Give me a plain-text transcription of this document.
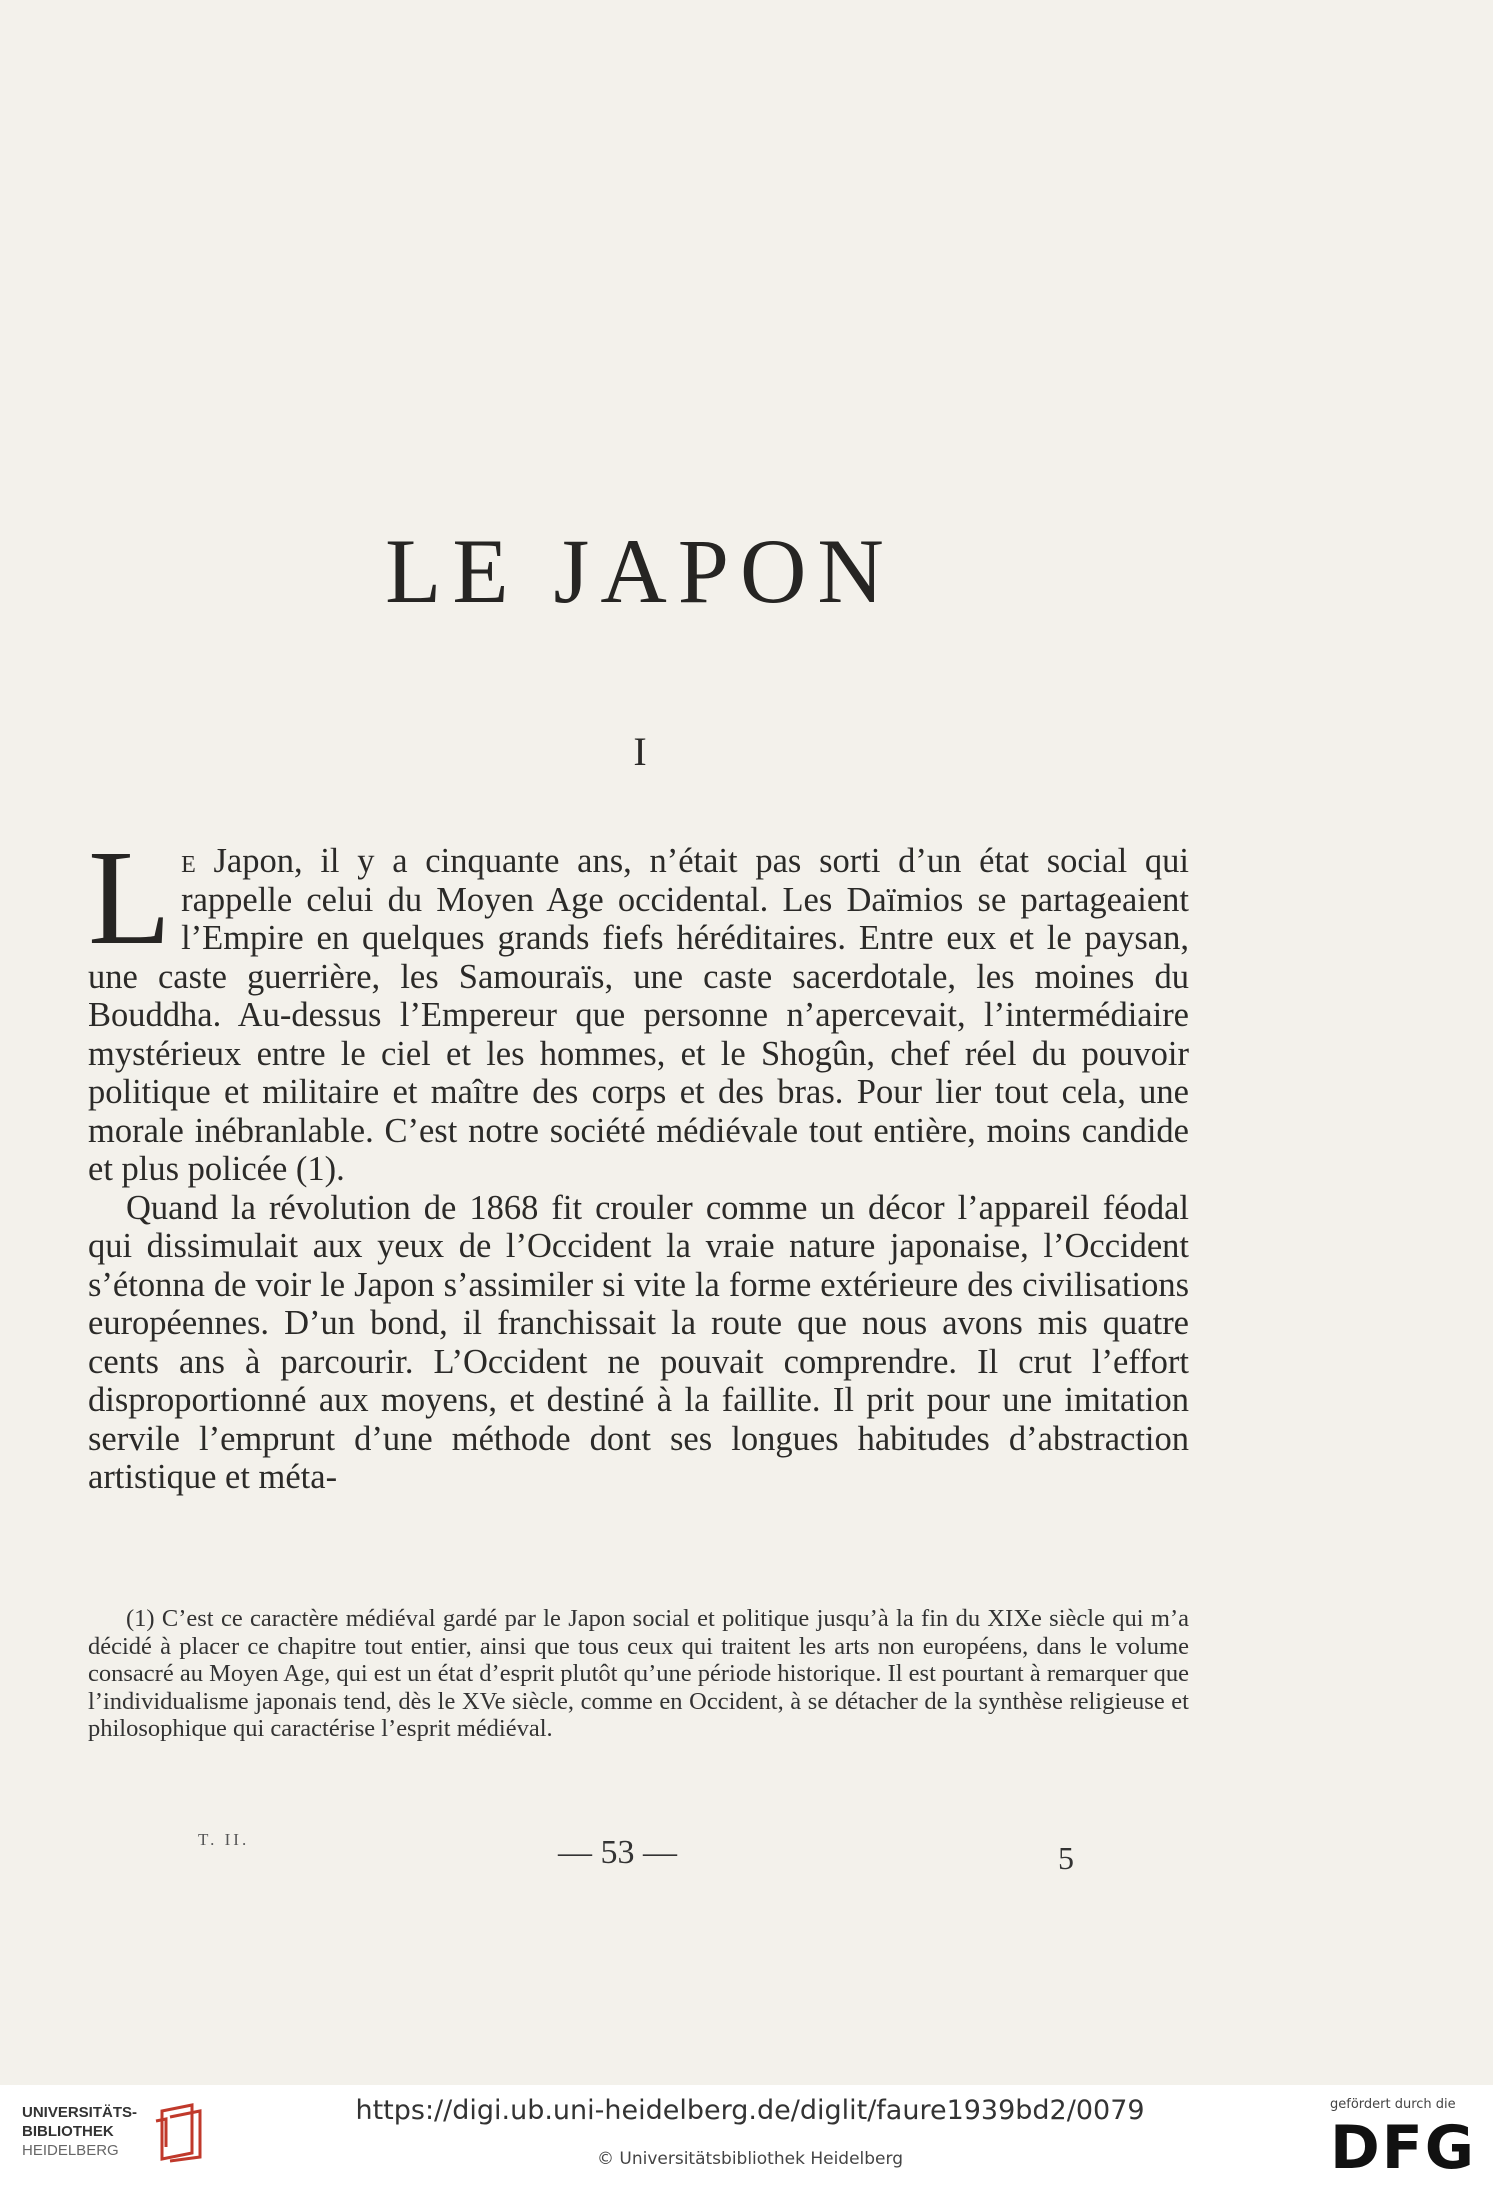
LE JAPON
I

Le Japon, il y a cinquante ans, n’était pas sorti d’un état social qui rappelle celui du Moyen Age occidental. Les Daïmios se partageaient l’Empire en quelques grands fiefs héréditaires. Entre eux et le paysan, une caste guerrière, les Samouraïs, une caste sacerdotale, les moines du Bouddha. Au-dessus l’Empereur que personne n’apercevait, l’intermédiaire mystérieux entre le ciel et les hommes, et le Shogûn, chef réel du pouvoir politique et militaire et maître des corps et des bras. Pour lier tout cela, une morale inébranlable. C’est notre société médiévale tout entière, moins candide et plus policée (1).

Quand la révolution de 1868 fit crouler comme un décor l’appareil féodal qui dissimulait aux yeux de l’Occident la vraie nature japonaise, l’Occident s’étonna de voir le Japon s’assimiler si vite la forme extérieure des civilisations européennes. D’un bond, il franchissait la route que nous avons mis quatre cents ans à parcourir. L’Occident ne pouvait comprendre. Il crut l’effort disproportionné aux moyens, et destiné à la faillite. Il prit pour une imitation servile l’emprunt d’une méthode dont ses longues habitudes d’abstraction artistique et méta-

(1) C’est ce caractère médiéval gardé par le Japon social et politique jusqu’à la fin du XIXe siècle qui m’a décidé à placer ce chapitre tout entier, ainsi que tous ceux qui traitent les arts non européens, dans le volume consacré au Moyen Age, qui est un état d’esprit plutôt qu’une période historique. Il est pourtant à remarquer que l’individualisme japonais tend, dès le XVe siècle, comme en Occident, à se détacher de la synthèse religieuse et philosophique qui caractérise l’esprit médiéval.

T. II.	— 53 —	5
UNIVERSITÄTS-
BIBLIOTHEK
HEIDELBERG
https://digi.ub.uni-heidelberg.de/diglit/faure1939bd2/0079
© Universitätsbibliothek Heidelberg
gefördert durch die
DFG
